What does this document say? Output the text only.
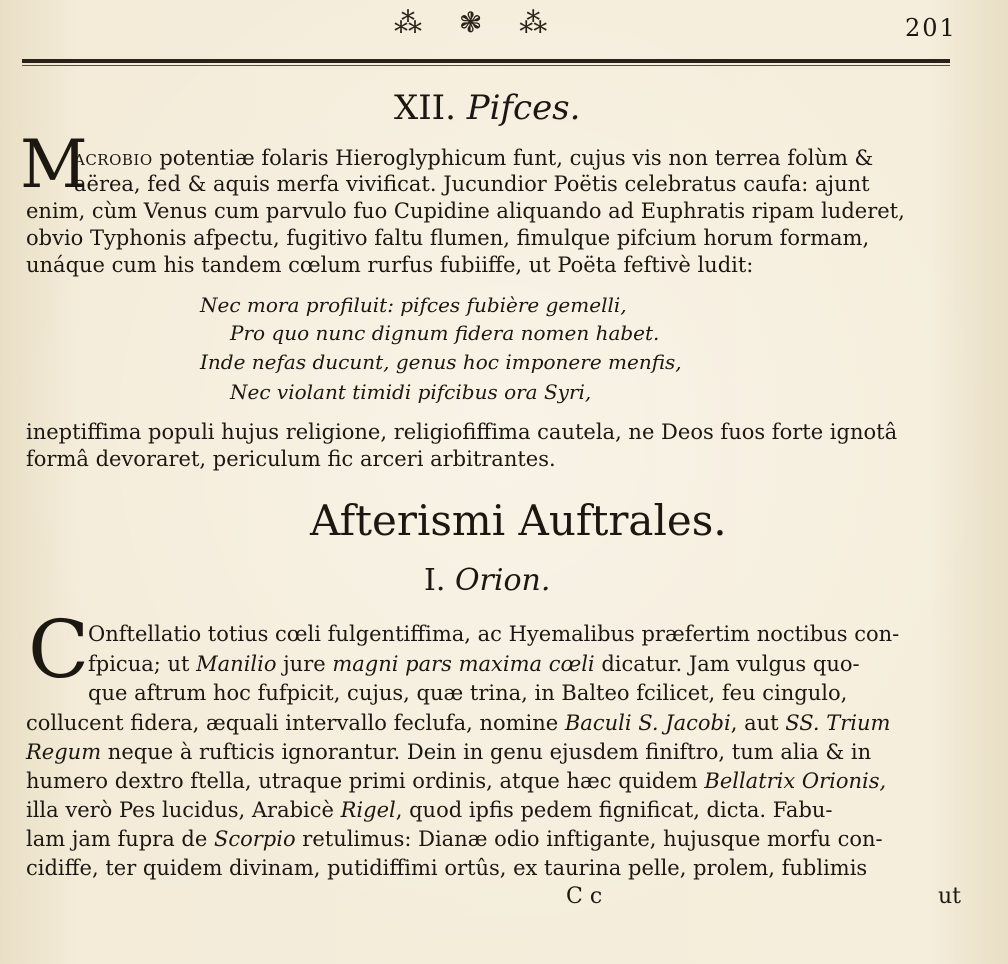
⁂ ❃ ⁂	201
XII. Pifces.
M
ACROBIO potentiæ folaris Hieroglyphicum funt, cujus vis non terrea folùm &
aërea, fed & aquis merfa vivificat. Jucundior Poëtis celebratus caufa: ajunt
enim, cùm Venus cum parvulo fuo Cupidine aliquando ad Euphratis ripam luderet,
obvio Typhonis afpectu, fugitivo faltu flumen, fimulque pifcium horum formam,
unáque cum his tandem cœlum rurfus fubiiffe, ut Poëta feftivè ludit:
Nec mora profiluit: pifces fubière gemelli,
Pro quo nunc dignum fidera nomen habet.
Inde nefas ducunt, genus hoc imponere menfis,
Nec violant timidi pifcibus ora Syri,
ineptiffima populi hujus religione, religiofiffima cautela, ne Deos fuos forte ignotâ
formâ devoraret, periculum fic arceri arbitrantes.
Afterismi Auftrales.
I. Orion.
C
Onftellatio totius cœli fulgentiffima, ac Hyemalibus præfertim noctibus con-
fpicua; ut Manilio jure magni pars maxima cœli dicatur. Jam vulgus quo-
que aftrum hoc fufpicit, cujus, quæ trina, in Balteo fcilicet, feu cingulo,
collucent fidera, æquali intervallo feclufa, nomine Baculi S. Jacobi, aut SS. Trium
Regum neque à rufticis ignorantur. Dein in genu ejusdem finiftro, tum alia & in
humero dextro ftella, utraque primi ordinis, atque hæc quidem Bellatrix Orionis,
illa verò Pes lucidus, Arabicè Rigel, quod ipfis pedem fignificat, dicta. Fabu-
lam jam fupra de Scorpio retulimus: Dianæ odio inftigante, hujusque morfu con-
cidiffe, ter quidem divinam, putidiffimi ortûs, ex taurina pelle, prolem, fublimis
C c	ut
